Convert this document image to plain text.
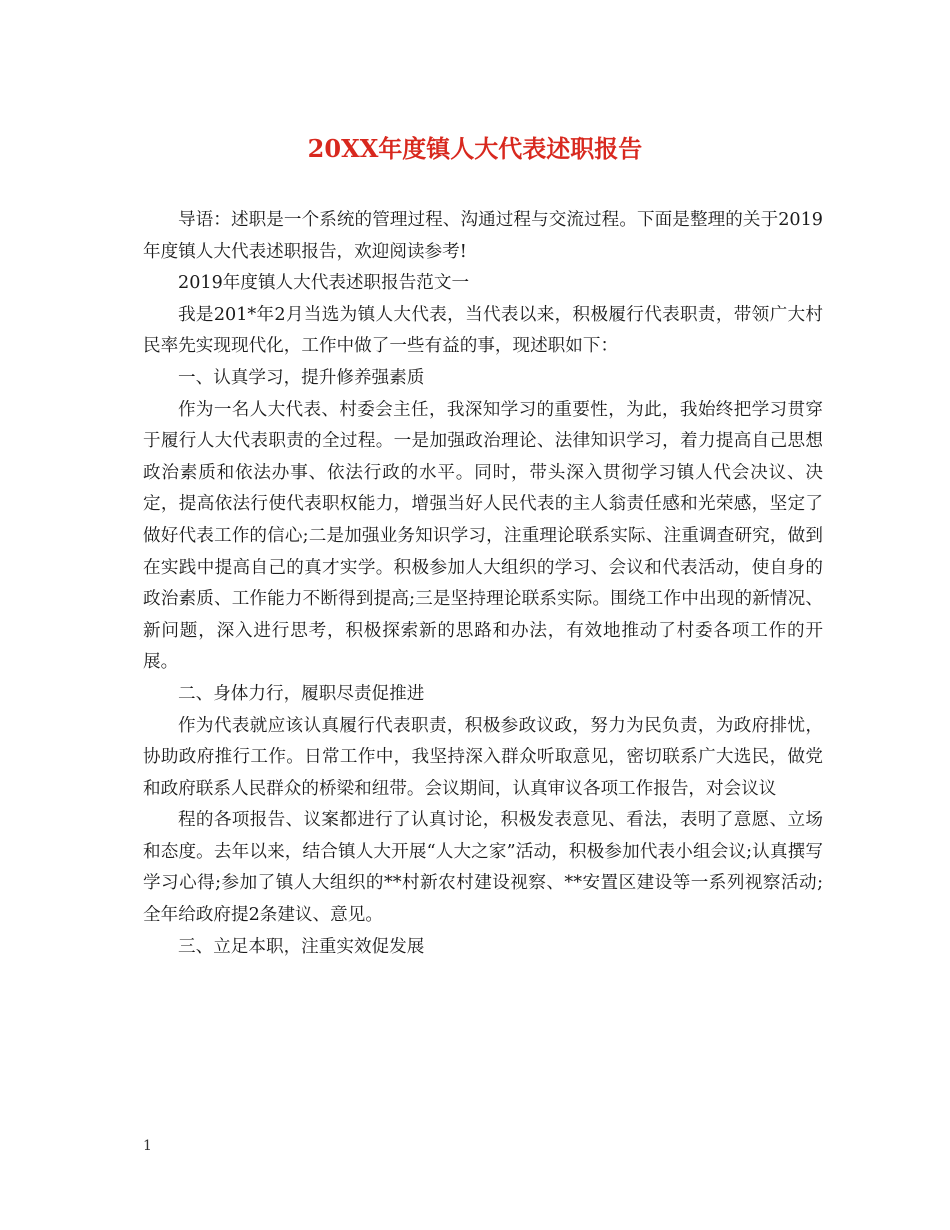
20XX年度镇人大代表述职报告

导语：述职是一个系统的管理过程、沟通过程与交流过程。下面是整理的关于2019年度镇人大代表述职报告，欢迎阅读参考!

2019年度镇人大代表述职报告范文一

我是201*年2月当选为镇人大代表，当代表以来，积极履行代表职责，带领广大村民率先实现现代化，工作中做了一些有益的事，现述职如下：

一、认真学习，提升修养强素质

作为一名人大代表、村委会主任，我深知学习的重要性，为此，我始终把学习贯穿于履行人大代表职责的全过程。一是加强政治理论、法律知识学习，着力提高自己思想政治素质和依法办事、依法行政的水平。同时，带头深入贯彻学习镇人代会决议、决定，提高依法行使代表职权能力，增强当好人民代表的主人翁责任感和光荣感，坚定了做好代表工作的信心;二是加强业务知识学习，注重理论联系实际、注重调查研究，做到在实践中提高自己的真才实学。积极参加人大组织的学习、会议和代表活动，使自身的政治素质、工作能力不断得到提高;三是坚持理论联系实际。围绕工作中出现的新情况、新问题，深入进行思考，积极探索新的思路和办法，有效地推动了村委各项工作的开展。

二、身体力行，履职尽责促推进

作为代表就应该认真履行代表职责，积极参政议政，努力为民负责，为政府排忧，协助政府推行工作。日常工作中，我坚持深入群众听取意见，密切联系广大选民，做党和政府联系人民群众的桥梁和纽带。会议期间，认真审议各项工作报告，对会议议

程的各项报告、议案都进行了认真讨论，积极发表意见、看法，表明了意愿、立场和态度。去年以来，结合镇人大开展“人大之家”活动，积极参加代表小组会议;认真撰写学习心得;参加了镇人大组织的**村新农村建设视察、**安置区建设等一系列视察活动;全年给政府提2条建议、意见。

三、立足本职，注重实效促发展

1
